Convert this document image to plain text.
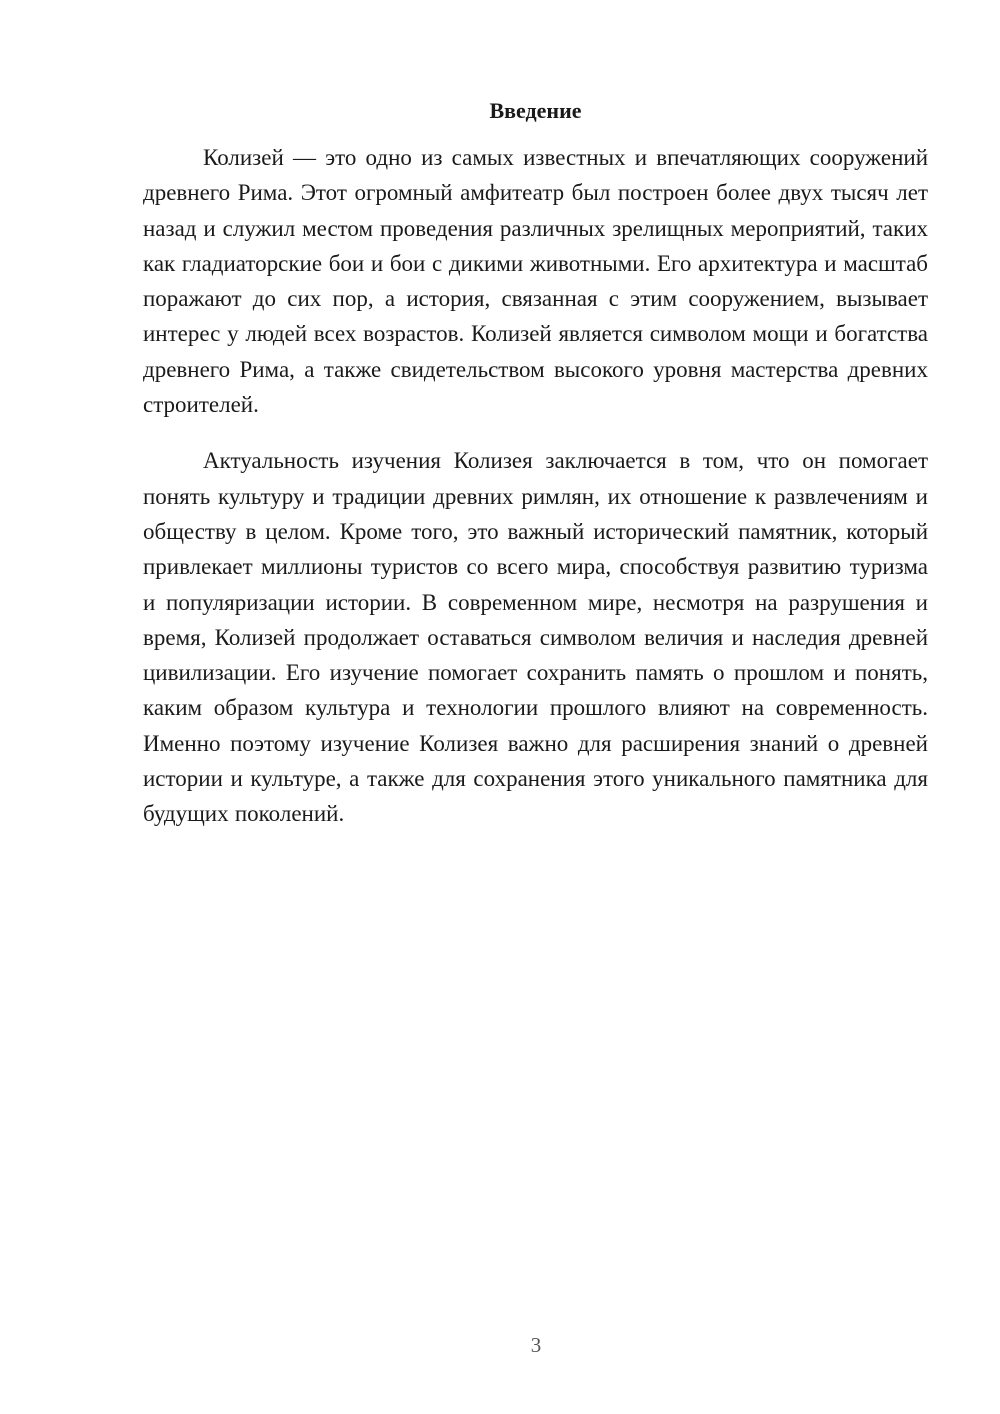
Введение

Колизей — это одно из самых известных и впечатляющих сооружений древнего Рима. Этот огромный амфитеатр был построен более двух тысяч лет назад и служил местом проведения различных зрелищных мероприятий, таких как гладиаторские бои и бои с дикими животными. Его архитектура и масштаб поражают до сих пор, а история, связанная с этим сооружением, вызывает интерес у людей всех возрастов. Колизей является символом мощи и богатства древнего Рима, а также свидетельством высокого уровня мастерства древних строителей.

Актуальность изучения Колизея заключается в том, что он помогает понять культуру и традиции древних римлян, их отношение к развлечениям и обществу в целом. Кроме того, это важный исторический памятник, который привлекает миллионы туристов со всего мира, способствуя развитию туризма и популяризации истории. В современном мире, несмотря на разрушения и время, Колизей продолжает оставаться символом величия и наследия древней цивилизации. Его изучение помогает сохранить память о прошлом и понять, каким образом культура и технологии прошлого влияют на современность. Именно поэтому изучение Колизея важно для расширения знаний о древней истории и культуре, а также для сохранения этого уникального памятника для будущих поколений.

3
